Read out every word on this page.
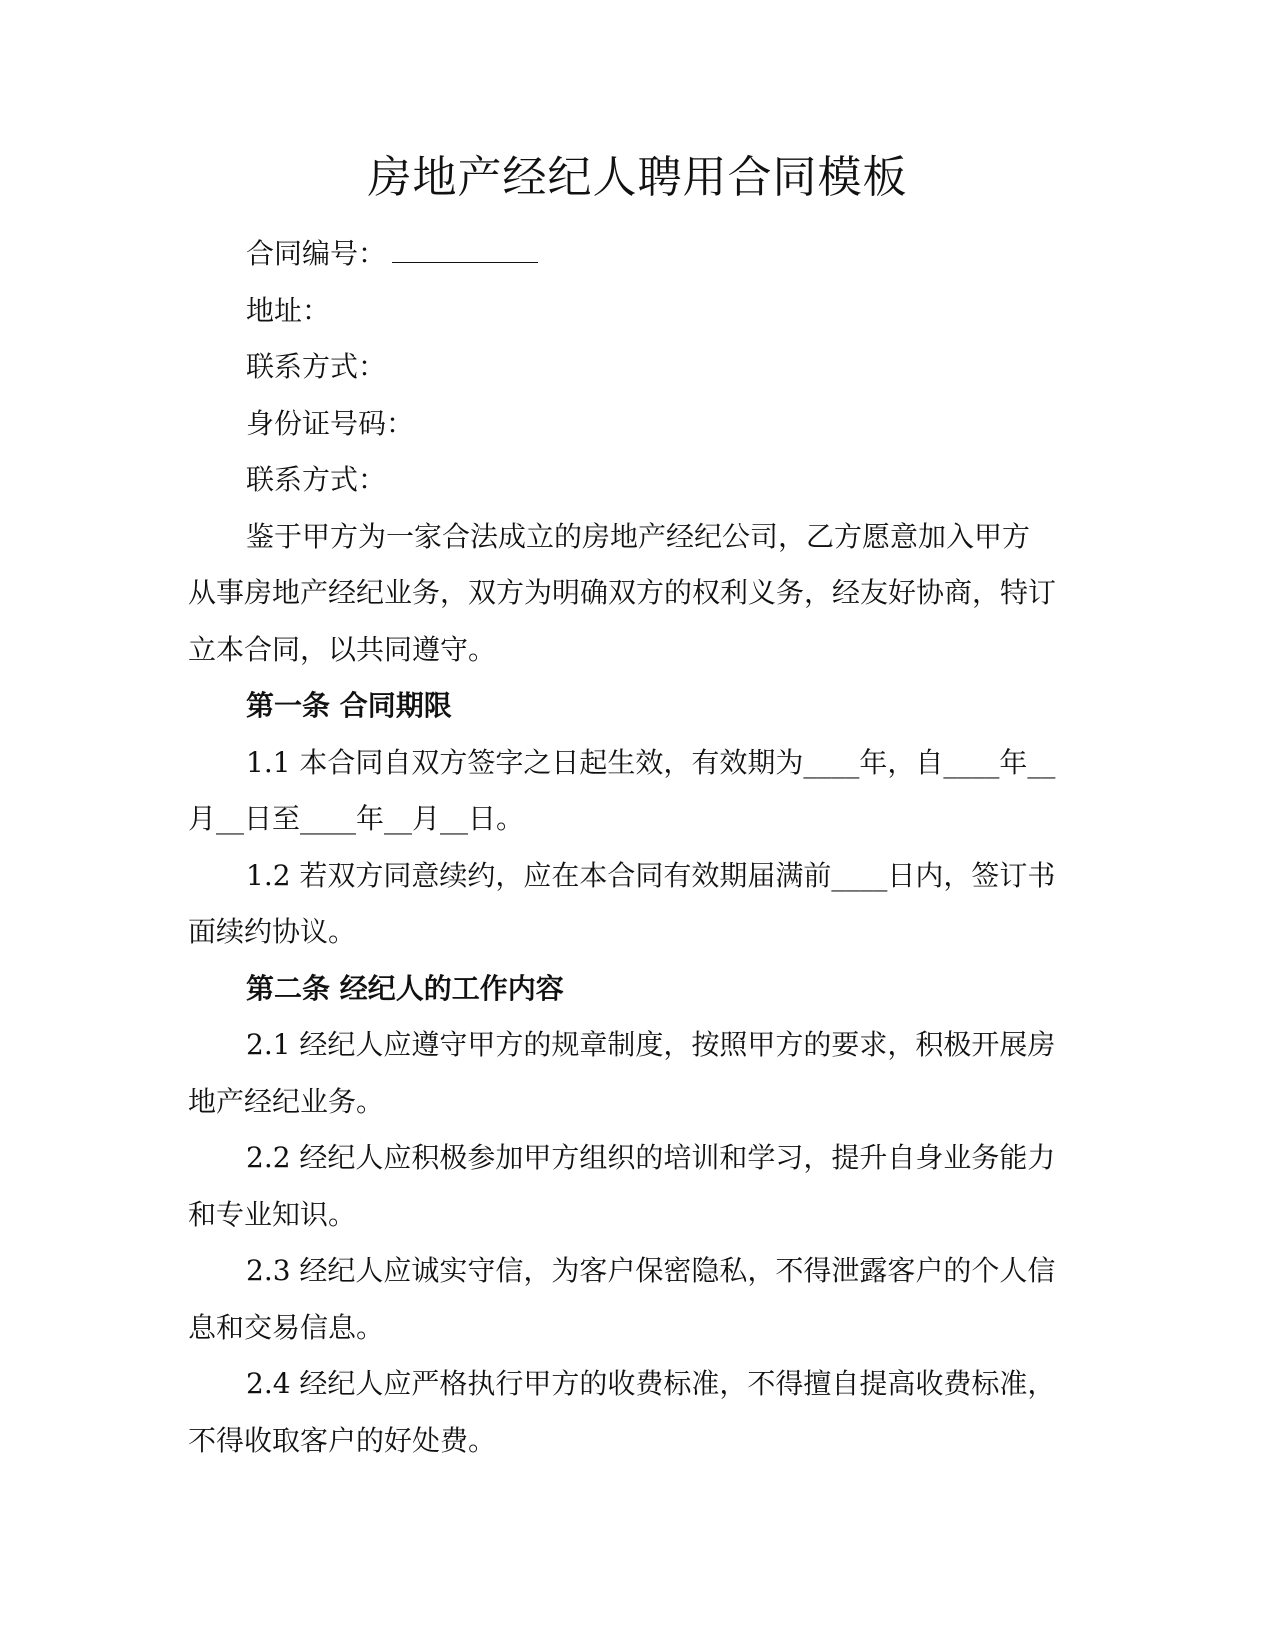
房地产经纪人聘用合同模板

合同编号：

地址：

联系方式：

身份证号码：

联系方式：

鉴于甲方为一家合法成立的房地产经纪公司，乙方愿意加入甲方从事房地产经纪业务，双方为明确双方的权利义务，经友好协商，特订立本合同，以共同遵守。

第一条 合同期限

1.1 本合同自双方签字之日起生效，有效期为____年，自____年__月__日至____年__月__日。

1.2 若双方同意续约，应在本合同有效期届满前____日内，签订书面续约协议。

第二条 经纪人的工作内容

2.1 经纪人应遵守甲方的规章制度，按照甲方的要求，积极开展房地产经纪业务。

2.2 经纪人应积极参加甲方组织的培训和学习，提升自身业务能力和专业知识。

2.3 经纪人应诚实守信，为客户保密隐私，不得泄露客户的个人信息和交易信息。

2.4 经纪人应严格执行甲方的收费标准，不得擅自提高收费标准，不得收取客户的好处费。
